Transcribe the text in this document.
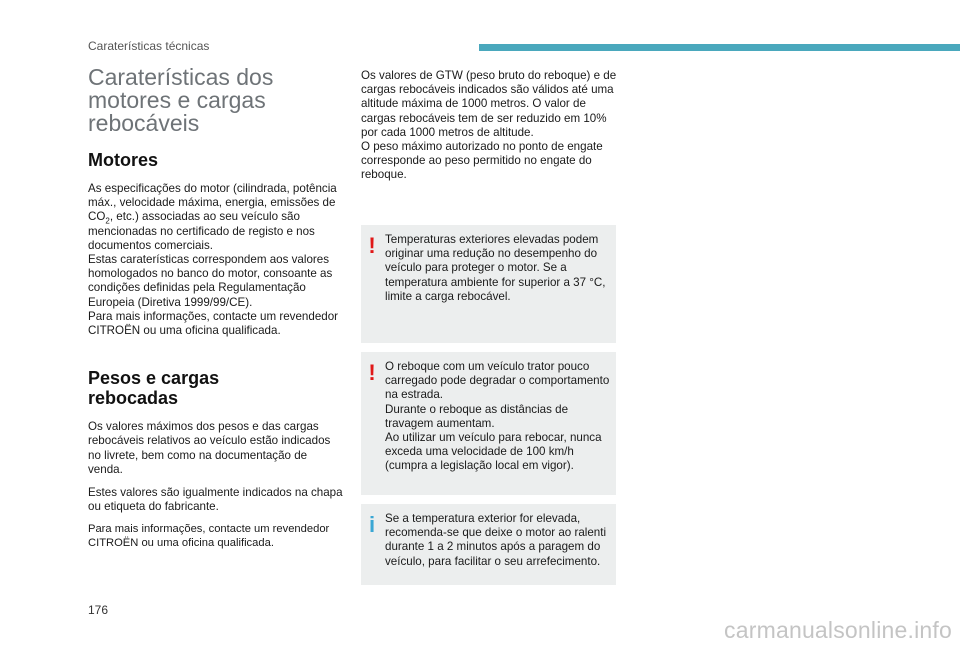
Caraterísticas técnicas
Caraterísticas dos
motores e cargas
rebocáveis
Motores
As especificações do motor (cilindrada, potência máx., velocidade máxima, energia, emissões de $CO_2$, etc.) associadas ao seu veículo são mencionadas no certificado de registo e nos documentos comerciais.
Estas caraterísticas correspondem aos valores homologados no banco do motor, consoante as condições definidas pela Regulamentação Europeia (Diretiva 1999/99/CE).
Para mais informações, contacte um revendedor CITROËN ou uma oficina qualificada.
Pesos e cargas
rebocadas
Os valores máximos dos pesos e das cargas rebocáveis relativos ao veículo estão indicados no livrete, bem como na documentação de venda.
Estes valores são igualmente indicados na chapa ou etiqueta do fabricante.
Para mais informações, contacte um revendedor CITROËN ou uma oficina qualificada.
Os valores de GTW (peso bruto do reboque) e de cargas rebocáveis indicados são válidos até uma altitude máxima de 1000 metros. O valor de cargas rebocáveis tem de ser reduzido em 10% por cada 1000 metros de altitude.
O peso máximo autorizado no ponto de engate corresponde ao peso permitido no engate do reboque.
! Temperaturas exteriores elevadas podem originar uma redução no desempenho do veículo para proteger o motor. Se a temperatura ambiente for superior a 37 °C, limite a carga rebocável.
! O reboque com um veículo trator pouco carregado pode degradar o comportamento na estrada.
Durante o reboque as distâncias de travagem aumentam.
Ao utilizar um veículo para rebocar, nunca exceda uma velocidade de 100 km/h (cumpra a legislação local em vigor).
i Se a temperatura exterior for elevada, recomenda-se que deixe o motor ao ralenti durante 1 a 2 minutos após a paragem do veículo, para facilitar o seu arrefecimento.
176
carmanualsonline.info
